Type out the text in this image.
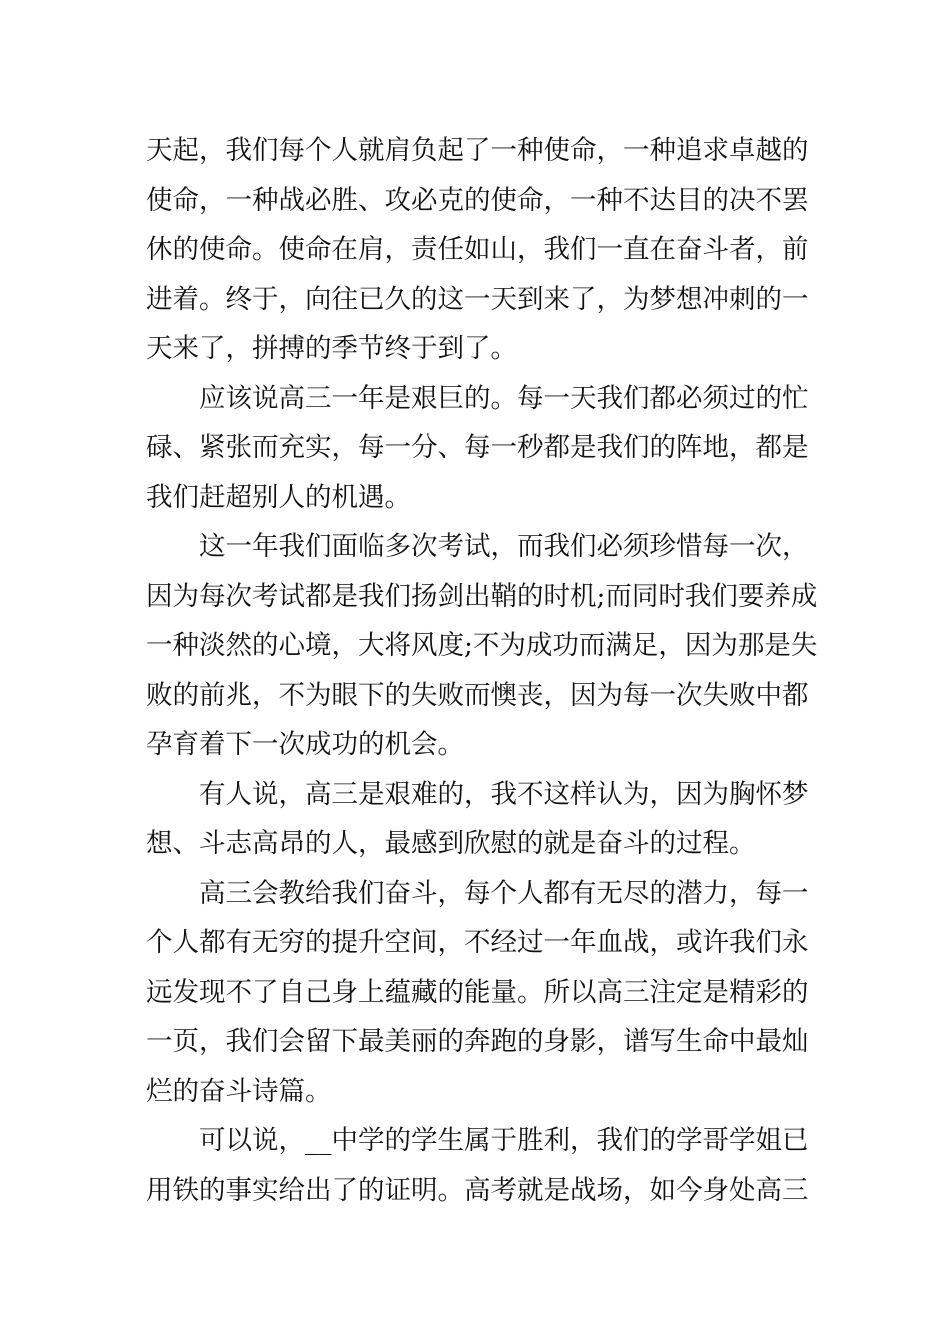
天起，我们每个人就肩负起了一种使命，一种追求卓越的
使命，一种战必胜、攻必克的使命，一种不达目的决不罢
休的使命。使命在肩，责任如山，我们一直在奋斗者，前
进着。终于，向往已久的这一天到来了，为梦想冲刺的一
天来了，拼搏的季节终于到了。
应该说高三一年是艰巨的。每一天我们都必须过的忙
碌、紧张而充实，每一分、每一秒都是我们的阵地，都是
我们赶超别人的机遇。
这一年我们面临多次考试，而我们必须珍惜每一次，
因为每次考试都是我们扬剑出鞘的时机;而同时我们要养成
一种淡然的心境，大将风度;不为成功而满足，因为那是失
败的前兆，不为眼下的失败而懊丧，因为每一次失败中都
孕育着下一次成功的机会。
有人说，高三是艰难的，我不这样认为，因为胸怀梦
想、斗志高昂的人，最感到欣慰的就是奋斗的过程。
高三会教给我们奋斗，每个人都有无尽的潜力，每一
个人都有无穷的提升空间，不经过一年血战，或许我们永
远发现不了自己身上蕴藏的能量。所以高三注定是精彩的
一页，我们会留下最美丽的奔跑的身影，谱写生命中最灿
烂的奋斗诗篇。
可以说，__中学的学生属于胜利，我们的学哥学姐已
用铁的事实给出了的证明。高考就是战场，如今身处高三
